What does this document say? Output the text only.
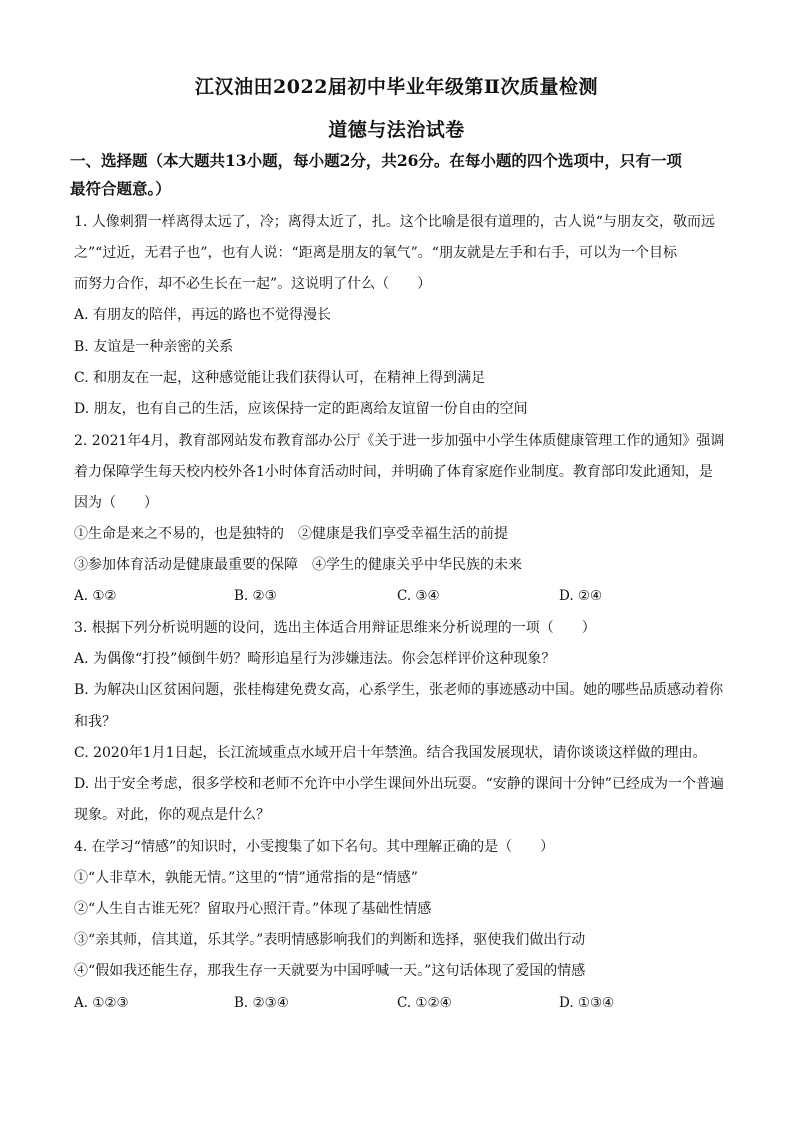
江汉油田2022届初中毕业年级第Ⅱ次质量检测
道德与法治试卷
一、选择题（本大题共13小题，每小题2分，共26分。在每小题的四个选项中，只有一项
最符合题意。）
1. 人像刺猬一样离得太远了，冷；离得太近了，扎。这个比喻是很有道理的，古人说“与朋友交，敬而远
之”“过近，无君子也”，也有人说：“距离是朋友的氧气”。“朋友就是左手和右手，可以为一个目标
而努力合作，却不必生长在一起”。这说明了什么（　　）
A. 有朋友的陪伴，再远的路也不觉得漫长
B. 友谊是一种亲密的关系
C. 和朋友在一起，这种感觉能让我们获得认可，在精神上得到满足
D. 朋友，也有自己的生活，应该保持一定的距离给友谊留一份自由的空间
2. 2021年4月，教育部网站发布教育部办公厅《关于进一步加强中小学生体质健康管理工作的通知》强调
着力保障学生每天校内校外各1小时体育活动时间，并明确了体育家庭作业制度。教育部印发此通知，是
因为（　　）
①生命是来之不易的，也是独特的　②健康是我们享受幸福生活的前提
③参加体育活动是健康最重要的保障　④学生的健康关乎中华民族的未来
A. ①②	B. ②③	C. ③④	D. ②④
3. 根据下列分析说明题的设问，选出主体适合用辩证思维来分析说理的一项（　　）
A. 为偶像“打投”倾倒牛奶？畸形追星行为涉嫌违法。你会怎样评价这种现象？
B. 为解决山区贫困问题，张桂梅建免费女高，心系学生，张老师的事迹感动中国。她的哪些品质感动着你
和我？
C. 2020年1月1日起，长江流域重点水域开启十年禁渔。结合我国发展现状，请你谈谈这样做的理由。
D. 出于安全考虑，很多学校和老师不允许中小学生课间外出玩耍。“安静的课间十分钟”已经成为一个普遍
现象。对此，你的观点是什么？
4. 在学习“情感”的知识时，小雯搜集了如下名句。其中理解正确的是（　　）
①“人非草木，孰能无情。”这里的“情”通常指的是“情感”
②“人生自古谁无死？留取丹心照汗青。”体现了基础性情感
③“亲其师，信其道，乐其学。”表明情感影响我们的判断和选择，驱使我们做出行动
④“假如我还能生存，那我生存一天就要为中国呼喊一天。”这句话体现了爱国的情感
A. ①②③	B. ②③④	C. ①②④	D. ①③④
